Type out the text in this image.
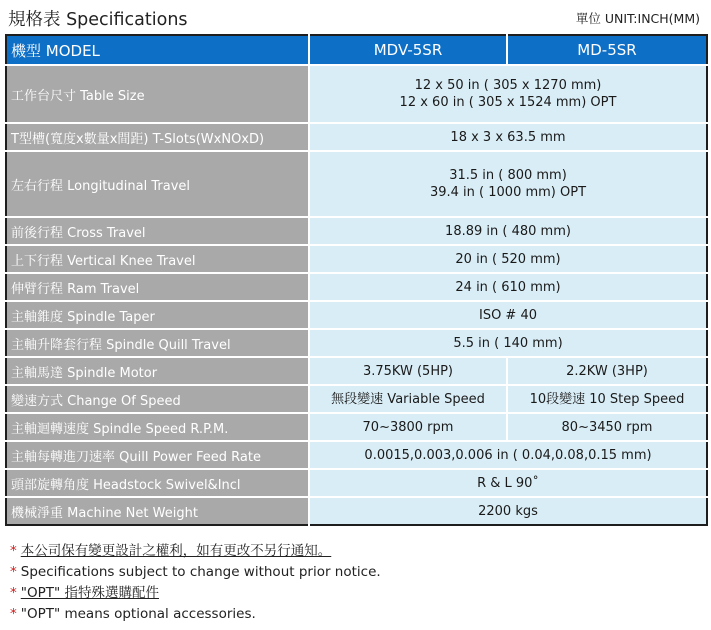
規格表 Specifications	單位 UNIT:INCH(MM)
機型 MODEL	MDV-5SR	MD-5SR
工作台尺寸 Table Size	12 x 50 in ( 305 x 1270 mm)
12 x 60 in ( 305 x 1524 mm) OPT	

T型槽(寬度x數量x間距) T-Slots(WxNOxD)	18 x 3 x 63.5 mm	
左右行程 Longitudinal Travel	31.5 in ( 800 mm)
39.4 in ( 1000 mm) OPT	

前後行程 Cross Travel	18.89 in ( 480 mm)	
上下行程 Vertical Knee Travel	20 in ( 520 mm)	
伸臂行程 Ram Travel	24 in ( 610 mm)	
主軸錐度 Spindle Taper	ISO # 40	
主軸升降套行程 Spindle Quill Travel	5.5 in ( 140 mm)	
主軸馬達 Spindle Motor	3.75KW (5HP)	2.2KW (3HP)
變速方式 Change Of Speed	無段變速 Variable Speed	10段變速 10 Step Speed
主軸迴轉速度 Spindle Speed R.P.M.	70~3800 rpm	80~3450 rpm
主軸每轉進刀速率 Quill Power Feed Rate	0.0015,0.003,0.006 in ( 0.04,0.08,0.15 mm)	
頭部旋轉角度 Headstock Swivel&Incl	R & L 90˚	
機械淨重 Machine Net Weight	2200 kgs	
* 本公司保有變更設計之權利，如有更改不另行通知。
* Specifications subject to change without prior notice.
* "OPT" 指特殊選購配件
* "OPT" means optional accessories.
